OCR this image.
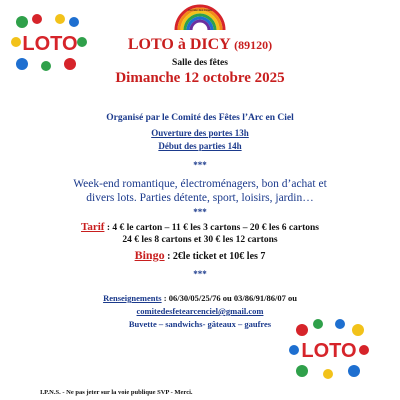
LOTO
Comité des Fêtes
LOTO à DICY (89120)
Salle des fêtes
Dimanche 12 octobre 2025
Organisé par le Comité des Fêtes l’Arc en Ciel
Ouverture des portes 13h
Début des parties 14h
***
Week-end romantique, électroménagers, bon d’achat et
divers lots. Parties détente, sport, loisirs, jardin…
***
Tarif : 4 € le carton – 11 € les 3 cartons – 20 € les 6 cartons
24 € les 8 cartons et 30 € les 12 cartons
Bingo : 2€le ticket et 10€ les 7
***
Renseignements : 06/30/05/25/76 ou 03/86/91/86/07 ou
comitedesfetearcenciel@gmail.com
Buvette – sandwichs- gâteaux – gaufres
LOTO
I.P.N.S. - Ne pas jeter sur la voie publique SVP - Merci.
